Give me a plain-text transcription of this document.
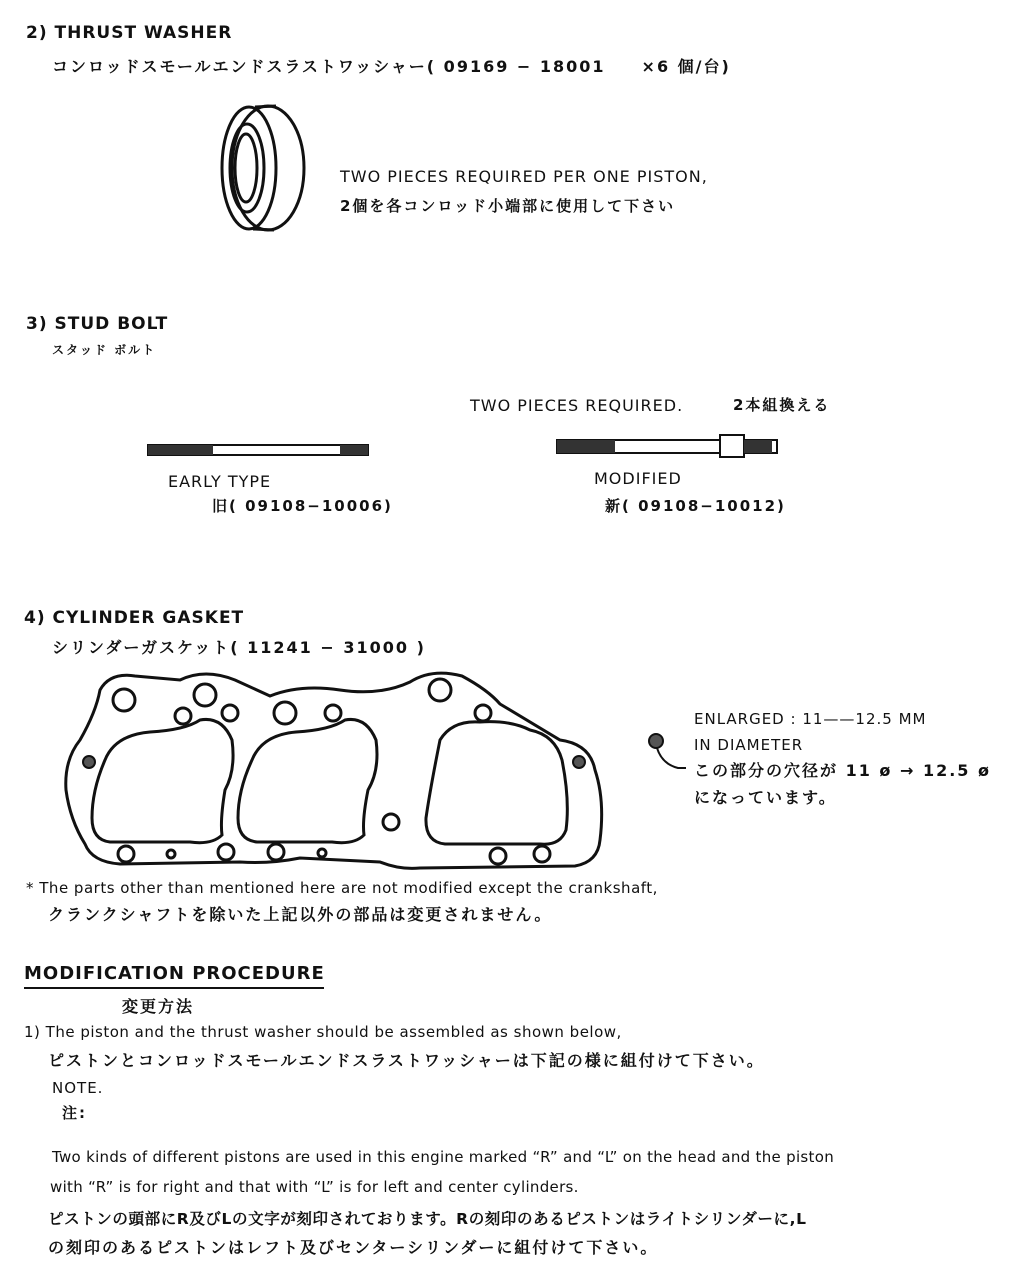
2) THRUST WASHER
コンロッドスモールエンドスラストワッシャー( 09169 − 18001　　×6 個/台)
TWO PIECES REQUIRED PER ONE PISTON,
2個を各コンロッド小端部に使用して下さい
3) STUD BOLT
スタッド ボルト
TWO PIECES REQUIRED.	2本組換える
EARLY TYPE
旧( 09108−10006)
MODIFIED
新( 09108−10012)
4) CYLINDER GASKET
シリンダーガスケット( 11241 − 31000 )
ENLARGED : 11——12.5 MM
IN DIAMETER
この部分の穴径が 11 ø → 12.5 ø
になっています。
* The parts other than mentioned here are not modified except the crankshaft,
クランクシャフトを除いた上記以外の部品は変更されません。
MODIFICATION PROCEDURE
変更方法
1) The piston and the thrust washer should be assembled as shown below,
ピストンとコンロッドスモールエンドスラストワッシャーは下記の様に組付けて下さい。
NOTE.
注:
Two kinds of different pistons are used in this engine marked “R” and “L” on the head and the piston
with “R” is for right and that with “L” is for left and center cylinders.
ピストンの頭部にR及びLの文字が刻印されております。Rの刻印のあるピストンはライトシリンダーに,L
の刻印のあるピストンはレフト及びセンターシリンダーに組付けて下さい。
